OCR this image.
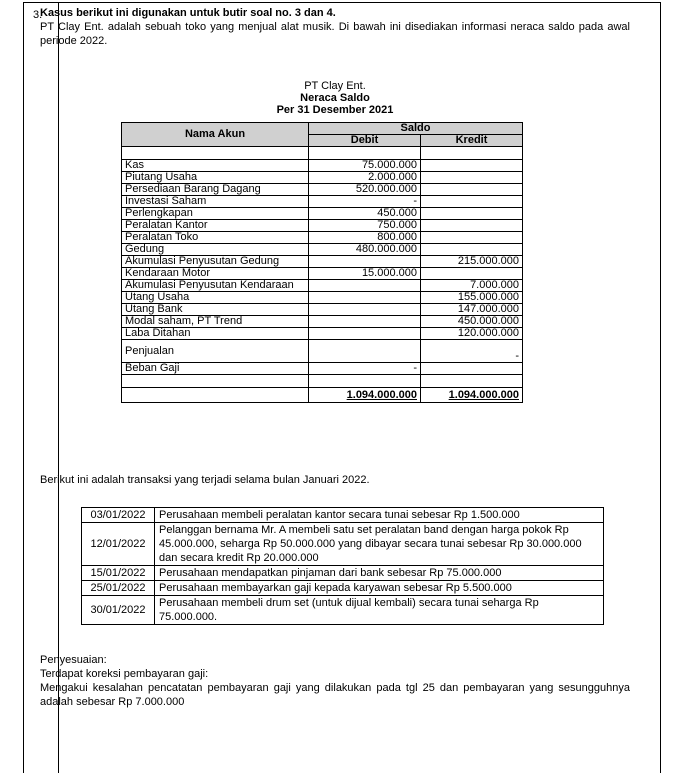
3.
Kasus berikut ini digunakan untuk butir soal no. 3 dan 4.
PT Clay Ent. adalah sebuah toko yang menjual alat musik. Di bawah ini disediakan informasi neraca saldo pada awal periode 2022.
PT Clay Ent.
Neraca Saldo
Per 31 Desember 2021
Nama Akun	Saldo	
	Debit	Kredit

Kas	75.000.000	
Piutang Usaha	2.000.000	
Persediaan Barang Dagang	520.000.000	
Investasi Saham	-	
Perlengkapan	450.000	
Peralatan Kantor	750.000	
Peralatan Toko	800.000	
Gedung	480.000.000	
Akumulasi Penyusutan Gedung		215.000.000
Kendaraan Motor	15.000.000	
Akumulasi Penyusutan Kendaraan		7.000.000
Utang Usaha		155.000.000
Utang Bank		147.000.000
Modal saham, PT Trend		450.000.000
Laba Ditahan		120.000.000
Penjualan		-
Beban Gaji	-	

	1.094.000.000	1.094.000.000
Berikut ini adalah transaksi yang terjadi selama bulan Januari 2022.
03/01/2022	Perusahaan membeli peralatan kantor secara tunai sebesar Rp 1.500.000
12/01/2022	Pelanggan bernama Mr. A membeli satu set peralatan band dengan harga pokok Rp 45.000.000, seharga Rp 50.000.000 yang dibayar secara tunai sebesar Rp 30.000.000 dan secara kredit Rp 20.000.000
15/01/2022	Perusahaan mendapatkan pinjaman dari bank sebesar Rp 75.000.000
25/01/2022	Perusahaan membayarkan gaji kepada karyawan sebesar Rp 5.500.000
30/01/2022	Perusahaan membeli drum set (untuk dijual kembali) secara tunai seharga Rp 75.000.000.
Penyesuaian:
Terdapat koreksi pembayaran gaji:
Mengakui kesalahan pencatatan pembayaran gaji yang dilakukan pada tgl 25 dan pembayaran yang sesungguhnya adalah sebesar Rp 7.000.000
